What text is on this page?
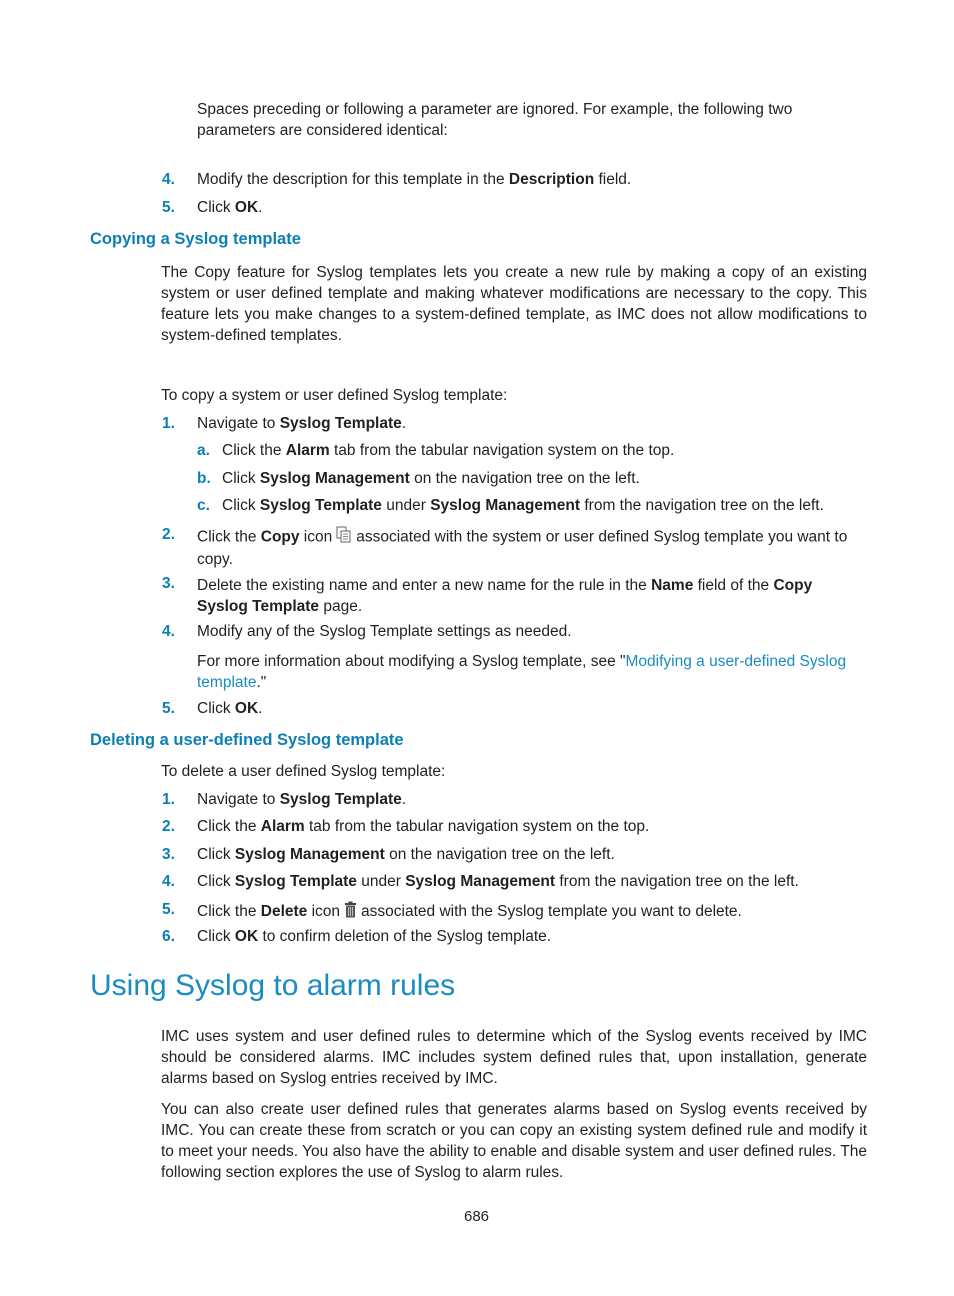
Spaces preceding or following a parameter are ignored. For example, the following two parameters are considered identical:
4. Modify the description for this template in the Description field.
5. Click OK.
Copying a Syslog template
The Copy feature for Syslog templates lets you create a new rule by making a copy of an existing system or user defined template and making whatever modifications are necessary to the copy. This feature lets you make changes to a system-defined template, as IMC does not allow modifications to system-defined templates.
To copy a system or user defined Syslog template:
1. Navigate to Syslog Template.
a. Click the Alarm tab from the tabular navigation system on the top.
b. Click Syslog Management on the navigation tree on the left.
c. Click Syslog Template under Syslog Management from the navigation tree on the left.
2. Click the Copy icon associated with the system or user defined Syslog template you want to copy.
3. Delete the existing name and enter a new name for the rule in the Name field of the Copy Syslog Template page.
4. Modify any of the Syslog Template settings as needed.
For more information about modifying a Syslog template, see "Modifying a user-defined Syslog template."
5. Click OK.
Deleting a user-defined Syslog template
To delete a user defined Syslog template:
1. Navigate to Syslog Template.
2. Click the Alarm tab from the tabular navigation system on the top.
3. Click Syslog Management on the navigation tree on the left.
4. Click Syslog Template under Syslog Management from the navigation tree on the left.
5. Click the Delete icon associated with the Syslog template you want to delete.
6. Click OK to confirm deletion of the Syslog template.
Using Syslog to alarm rules
IMC uses system and user defined rules to determine which of the Syslog events received by IMC should be considered alarms. IMC includes system defined rules that, upon installation, generate alarms based on Syslog entries received by IMC.
You can also create user defined rules that generates alarms based on Syslog events received by IMC. You can create these from scratch or you can copy an existing system defined rule and modify it to meet your needs. You also have the ability to enable and disable system and user defined rules. The following section explores the use of Syslog to alarm rules.
686
